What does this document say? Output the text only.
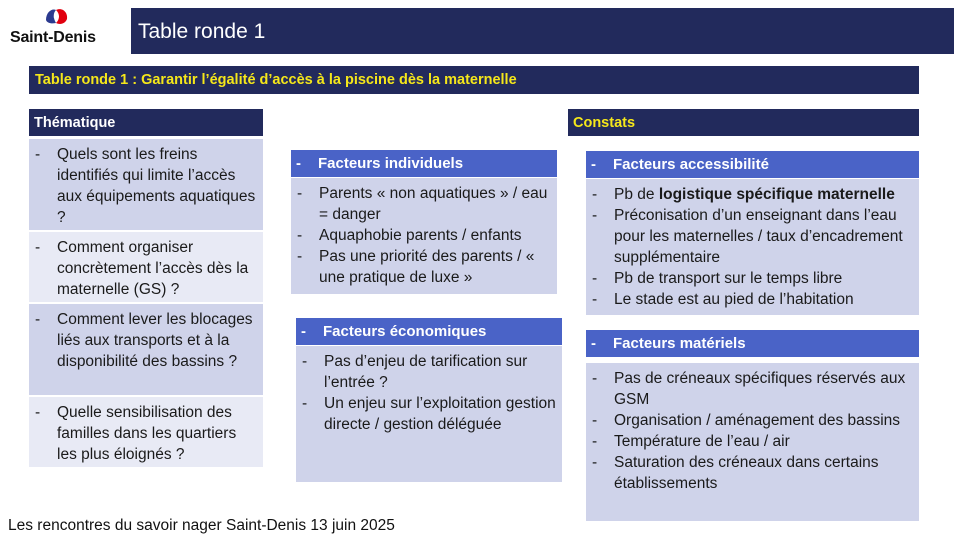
Saint-Denis Table ronde 1
Table ronde 1 : Garantir l’égalité d’accès à la piscine dès la maternelle
Thématique
- Quels sont les freins identifiés qui limite l’accès aux équipements aquatiques ?
- Comment organiser concrètement l’accès dès la maternelle (GS) ?
- Comment lever les blocages liés aux transports et à la disponibilité des bassins ?
- Quelle sensibilisation des familles dans les quartiers les plus éloignés ?
Constats
- Facteurs individuels
- Parents « non aquatiques » / eau = danger
- Aquaphobie parents / enfants
- Pas une priorité des parents / « une pratique de luxe »
- Facteurs économiques
- Pas d’enjeu de tarification sur l’entrée ?
- Un enjeu sur l’exploitation gestion directe / gestion déléguée
- Facteurs accessibilité
- Pb de logistique spécifique maternelle
- Préconisation d’un enseignant dans l’eau pour les maternelles / taux d’encadrement supplémentaire
- Pb de transport sur le temps libre
- Le stade est au pied de l’habitation
- Facteurs matériels
- Pas de créneaux spécifiques réservés aux GSM
- Organisation / aménagement des bassins
- Température de l’eau / air
- Saturation des créneaux dans certains établissements
Les rencontres du savoir nager Saint-Denis 13 juin 2025
